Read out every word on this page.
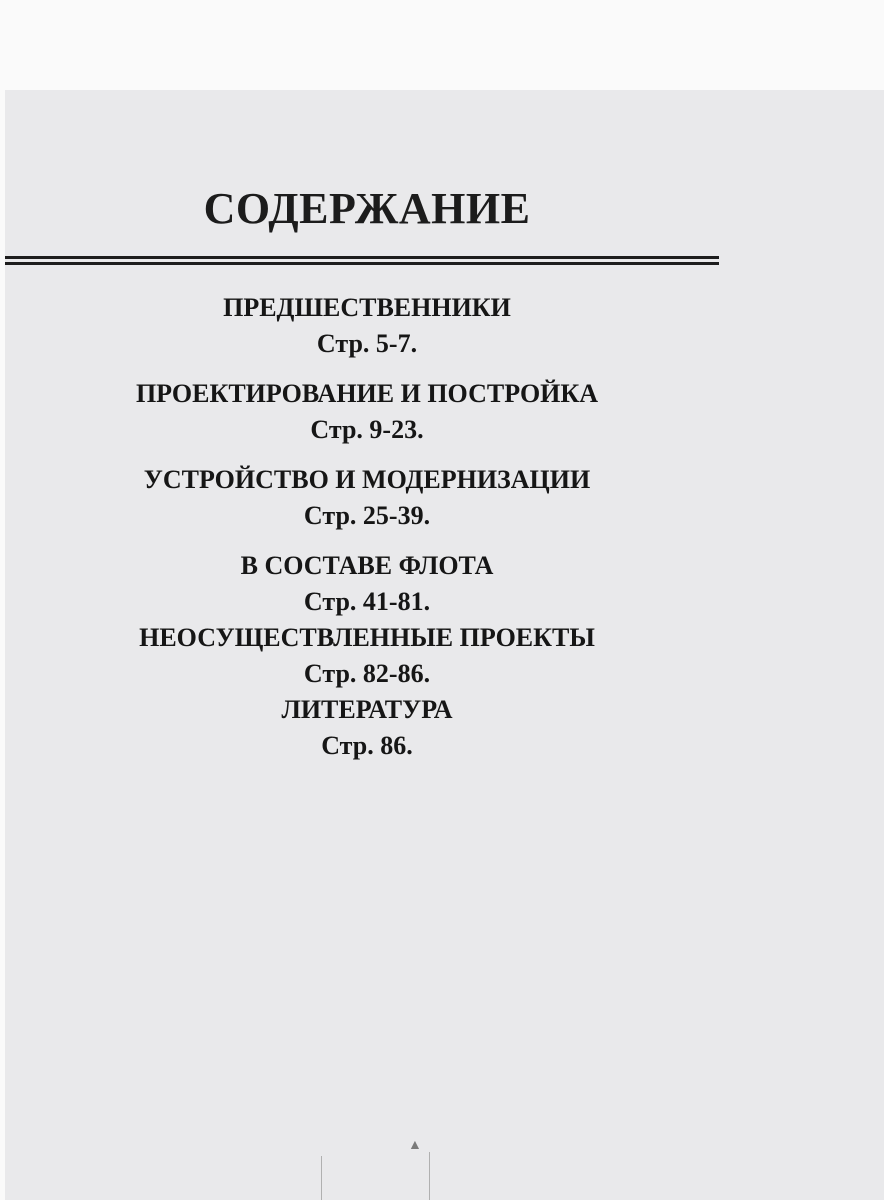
СОДЕРЖАНИЕ
ПРЕДШЕСТВЕННИКИ
Стр. 5-7.
ПРОЕКТИРОВАНИЕ И ПОСТРОЙКА
Стр. 9-23.
УСТРОЙСТВО И МОДЕРНИЗАЦИИ
Стр. 25-39.
В СОСТАВЕ ФЛОТА
Стр. 41-81.
НЕОСУЩЕСТВЛЕННЫЕ ПРОЕКТЫ
Стр. 82-86.
ЛИТЕРАТУРА
Стр. 86.
▲
